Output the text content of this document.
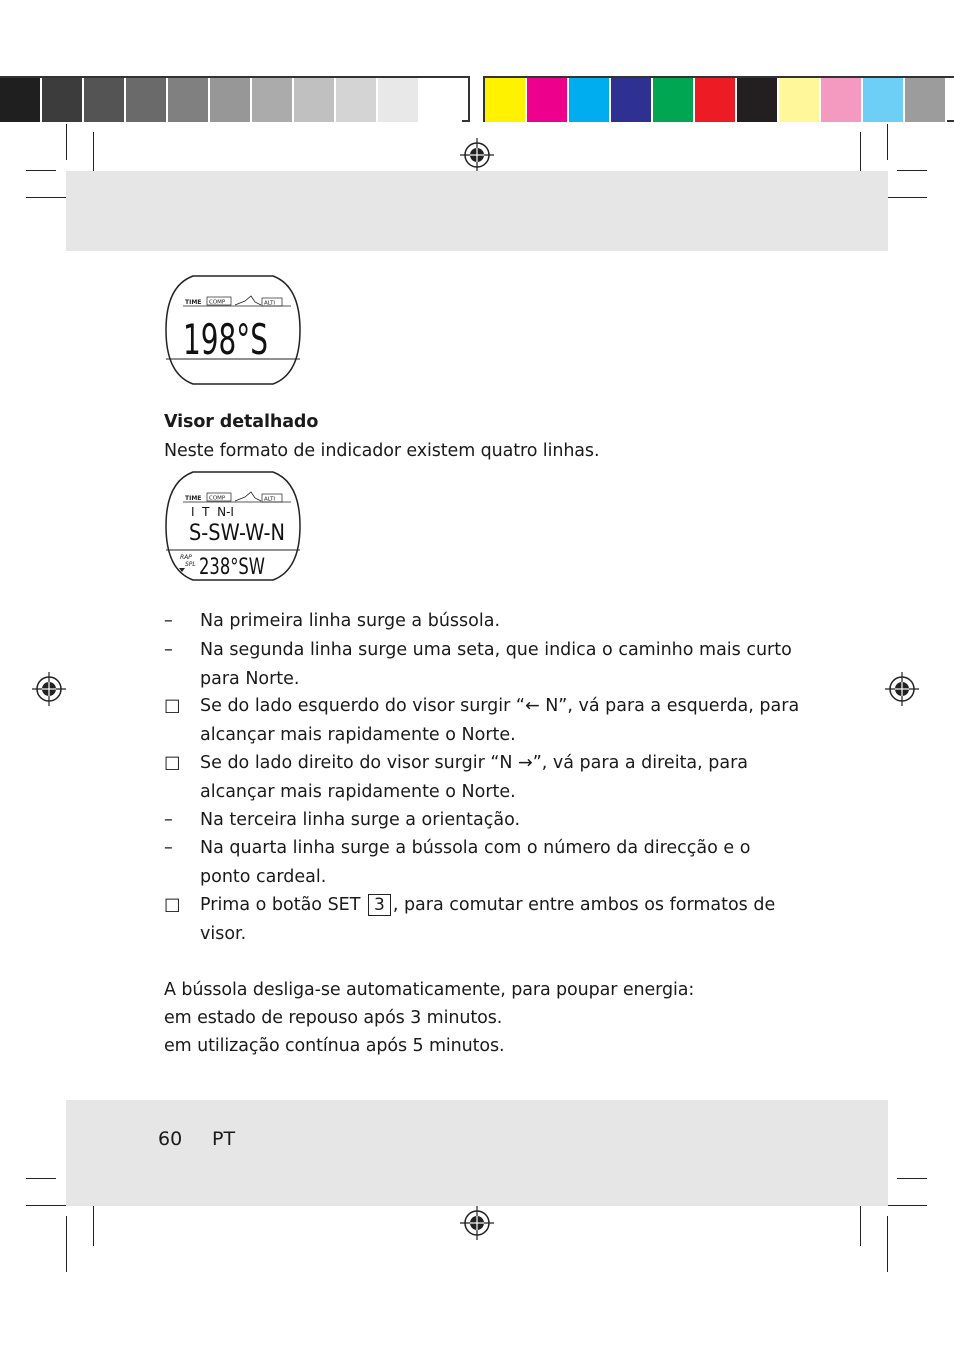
TIME COMP	ALTI
198°S
Visor detalhado
Neste formato de indicador existem quatro linhas.
TIME COMP	ALTI
I  T  N-I
S-SW-W-N
RAP
SPL 238°SW
–	Na primeira linha surge a bússola.
–	Na segunda linha surge uma seta, que indica o caminho mais curto para Norte.
□	Se do lado esquerdo do visor surgir “← N”, vá para a esquerda, para alcançar mais rapidamente o Norte.
□	Se do lado direito do visor surgir “N →”, vá para a direita, para alcançar mais rapidamente o Norte.
–	Na terceira linha surge a orientação.
–	Na quarta linha surge a bússola com o número da direcção e o ponto cardeal.
□	Prima o botão SET 3 , para comutar entre ambos os formatos de visor.
A bússola desliga-se automaticamente, para poupar energia:
em estado de repouso após 3 minutos.
em utilização contínua após 5 minutos.
60 PT
